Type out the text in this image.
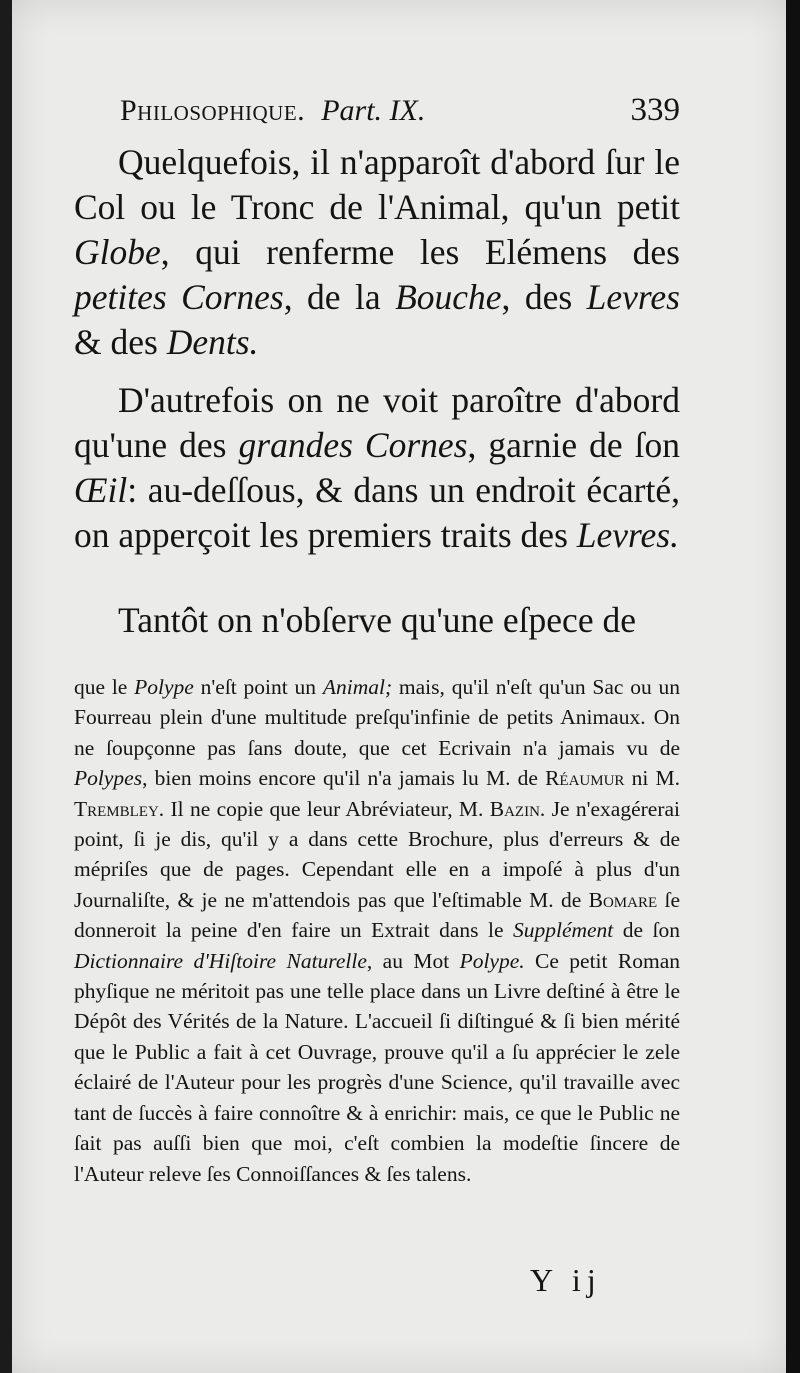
Philosophique. Part. IX.	339
Quelquefois, il n'apparoît d'abord ſur le Col ou le Tronc de l'Animal, qu'un petit Globe, qui renferme les Elémens des petites Cornes, de la Bouche, des Levres & des Dents.
D'autrefois on ne voit paroître d'abord qu'une des grandes Cornes, garnie de ſon Œil: au-deſſous, & dans un endroit écarté, on apperçoit les premiers traits des Levres.
Tantôt on n'obſerve qu'une eſpece de
que le Polype n'eſt point un Animal; mais, qu'il n'eſt qu'un Sac ou un Fourreau plein d'une multitude preſqu'infinie de petits Animaux. On ne ſoupçonne pas ſans doute, que cet Ecrivain n'a jamais vu de Polypes, bien moins encore qu'il n'a jamais lu M. de Réaumur ni M. Trembley. Il ne copie que leur Abréviateur, M. Bazin. Je n'exagérerai point, ſi je dis, qu'il y a dans cette Brochure, plus d'erreurs & de mépriſes que de pages. Cependant elle en a impoſé à plus d'un Journaliſte, & je ne m'attendois pas que l'eſtimable M. de Bomare ſe donneroit la peine d'en faire un Extrait dans le Supplément de ſon Dictionnaire d'Hiſtoire Naturelle, au Mot Polype. Ce petit Roman phyſique ne méritoit pas une telle place dans un Livre deſtiné à être le Dépôt des Vérités de la Nature. L'accueil ſi diſtingué & ſi bien mérité que le Public a fait à cet Ouvrage, prouve qu'il a ſu apprécier le zele éclairé de l'Auteur pour les progrès d'une Science, qu'il travaille avec tant de ſuccès à faire connoître & à enrichir: mais, ce que le Public ne ſait pas auſſi bien que moi, c'eſt combien la modeſtie ſincere de l'Auteur releve ſes Connoiſſances & ſes talens.
Y ij
